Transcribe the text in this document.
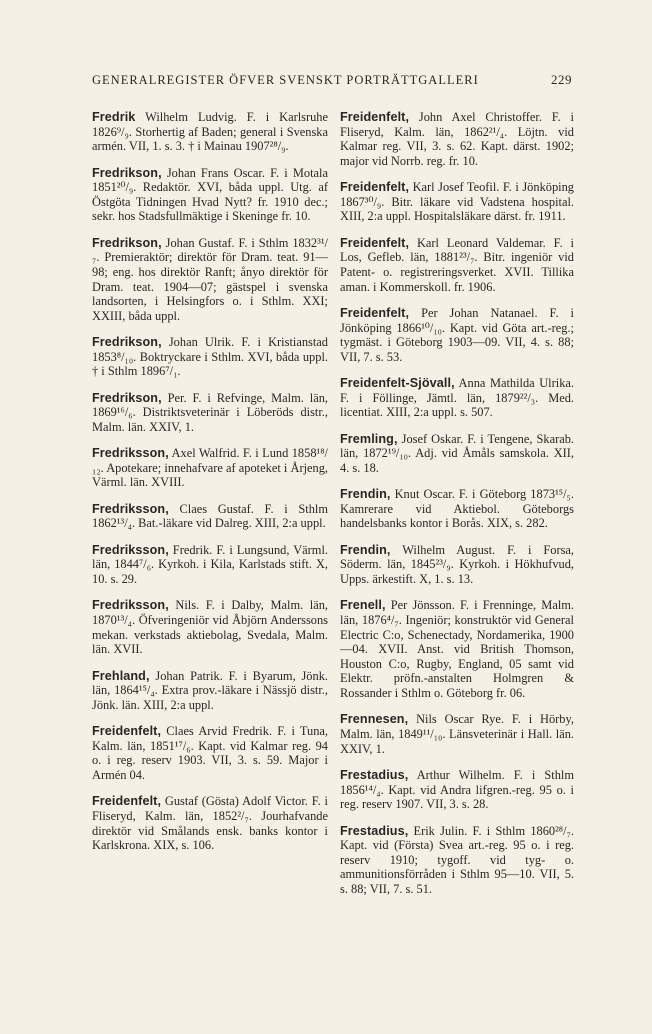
GENERALREGISTER ÖFVER SVENSKT PORTRÄTTGALLERI	229

Fredrik Wilhelm Ludvig. F. i Karlsruhe 1826⁹/₉. Storhertig af Baden; general i Svenska armén. VII, 1. s. 3. † i Mainau 1907²⁸/₉.

Fredrikson, Johan Frans Oscar. F. i Motala 1851²⁰/₉. Redaktör. XVI, båda uppl. Utg. af Östgöta Tidningen Hvad Nytt? fr. 1910 dec.; sekr. hos Stadsfullmäktige i Skeninge fr. 10.

Fredrikson, Johan Gustaf. F. i Sthlm 1832³¹/₇. Premieraktör; direktör för Dram. teat. 91—98; eng. hos direktör Ranft; ånyo direktör för Dram. teat. 1904—07; gästspel i svenska landsorten, i Helsingfors o. i Sthlm. XXI; XXIII, båda uppl.

Fredrikson, Johan Ulrik. F. i Kristianstad 1853⁸/₁₀. Boktryckare i Sthlm. XVI, båda uppl. † i Sthlm 1896⁷/₁.

Fredrikson, Per. F. i Refvinge, Malm. län, 1869¹⁶/₆. Distriktsveterinär i Löberöds distr., Malm. län. XXIV, 1.

Fredriksson, Axel Walfrid. F. i Lund 1858¹⁸/₁₂. Apotekare; innehafvare af apoteket i Årjeng, Värml. län. XVIII.

Fredriksson, Claes Gustaf. F. i Sthlm 1862¹³/₄. Bat.-läkare vid Dalreg. XIII, 2:a uppl.

Fredriksson, Fredrik. F. i Lungsund, Värml. län, 1844⁷/₆. Kyrkoh. i Kila, Karlstads stift. X, 10. s. 29.

Fredriksson, Nils. F. i Dalby, Malm. län, 1870¹³/₄. Öfveringeniör vid Åbjörn Anderssons mekan. verkstads aktiebolag, Svedala, Malm. län. XVII.

Frehland, Johan Patrik. F. i Byarum, Jönk. län, 1864¹⁵/₄. Extra prov.-läkare i Nässjö distr., Jönk. län. XIII, 2:a uppl.

Freidenfelt, Claes Arvid Fredrik. F. i Tuna, Kalm. län, 1851¹⁷/₆. Kapt. vid Kalmar reg. 94 o. i reg. reserv 1903. VII, 3. s. 59. Major i Armén 04.

Freidenfelt, Gustaf (Gösta) Adolf Victor. F. i Fliseryd, Kalm. län, 1852²/₇. Jourhafvande direktör vid Smålands ensk. banks kontor i Karlskrona. XIX, s. 106.

Freidenfelt, John Axel Christoffer. F. i Fliseryd, Kalm. län, 1862²¹/₄. Löjtn. vid Kalmar reg. VII, 3. s. 62. Kapt. därst. 1902; major vid Norrb. reg. fr. 10.

Freidenfelt, Karl Josef Teofil. F. i Jönköping 1867³⁰/₉. Bitr. läkare vid Vadstena hospital. XIII, 2:a uppl. Hospitalsläkare därst. fr. 1911.

Freidenfelt, Karl Leonard Valdemar. F. i Los, Gefleb. län, 1881²³/₇. Bitr. ingeniör vid Patent- o. registreringsverket. XVII. Tillika aman. i Kommerskoll. fr. 1906.

Freidenfelt, Per Johan Natanael. F. i Jönköping 1866¹⁰/₁₀. Kapt. vid Göta art.-reg.; tygmäst. i Göteborg 1903—09. VII, 4. s. 88; VII, 7. s. 53.

Freidenfelt-Sjövall, Anna Mathilda Ulrika. F. i Föllinge, Jämtl. län, 1879²²/₃. Med. licentiat. XIII, 2:a uppl. s. 507.

Fremling, Josef Oskar. F. i Tengene, Skarab. län, 1872¹⁹/₁₀. Adj. vid Åmåls samskola. XII, 4. s. 18.

Frendin, Knut Oscar. F. i Göteborg 1873¹⁵/₅. Kamrerare vid Aktiebol. Göteborgs handelsbanks kontor i Borås. XIX, s. 282.

Frendin, Wilhelm August. F. i Forsa, Söderm. län, 1845²³/₉. Kyrkoh. i Hökhufvud, Upps. ärkestift. X, 1. s. 13.

Frenell, Per Jönsson. F. i Frenninge, Malm. län, 1876⁴/₇. Ingeniör; konstruktör vid General Electric C:o, Schenectady, Nordamerika, 1900—04. XVII. Anst. vid British Thomson, Houston C:o, Rugby, England, 05 samt vid Elektr. pröfn.-anstalten Holmgren & Rossander i Sthlm o. Göteborg fr. 06.

Frennesen, Nils Oscar Rye. F. i Hörby, Malm. län, 1849¹¹/₁₀. Länsveterinär i Hall. län. XXIV, 1.

Frestadius, Arthur Wilhelm. F. i Sthlm 1856¹⁴/₄. Kapt. vid Andra lifgren.-reg. 95 o. i reg. reserv 1907. VII, 3. s. 28.

Frestadius, Erik Julin. F. i Sthlm 1860²⁸/₇. Kapt. vid (Första) Svea art.-reg. 95 o. i reg. reserv 1910; tygoff. vid tyg- o. ammunitionsförråden i Sthlm 95—10. VII, 5. s. 88; VII, 7. s. 51.
